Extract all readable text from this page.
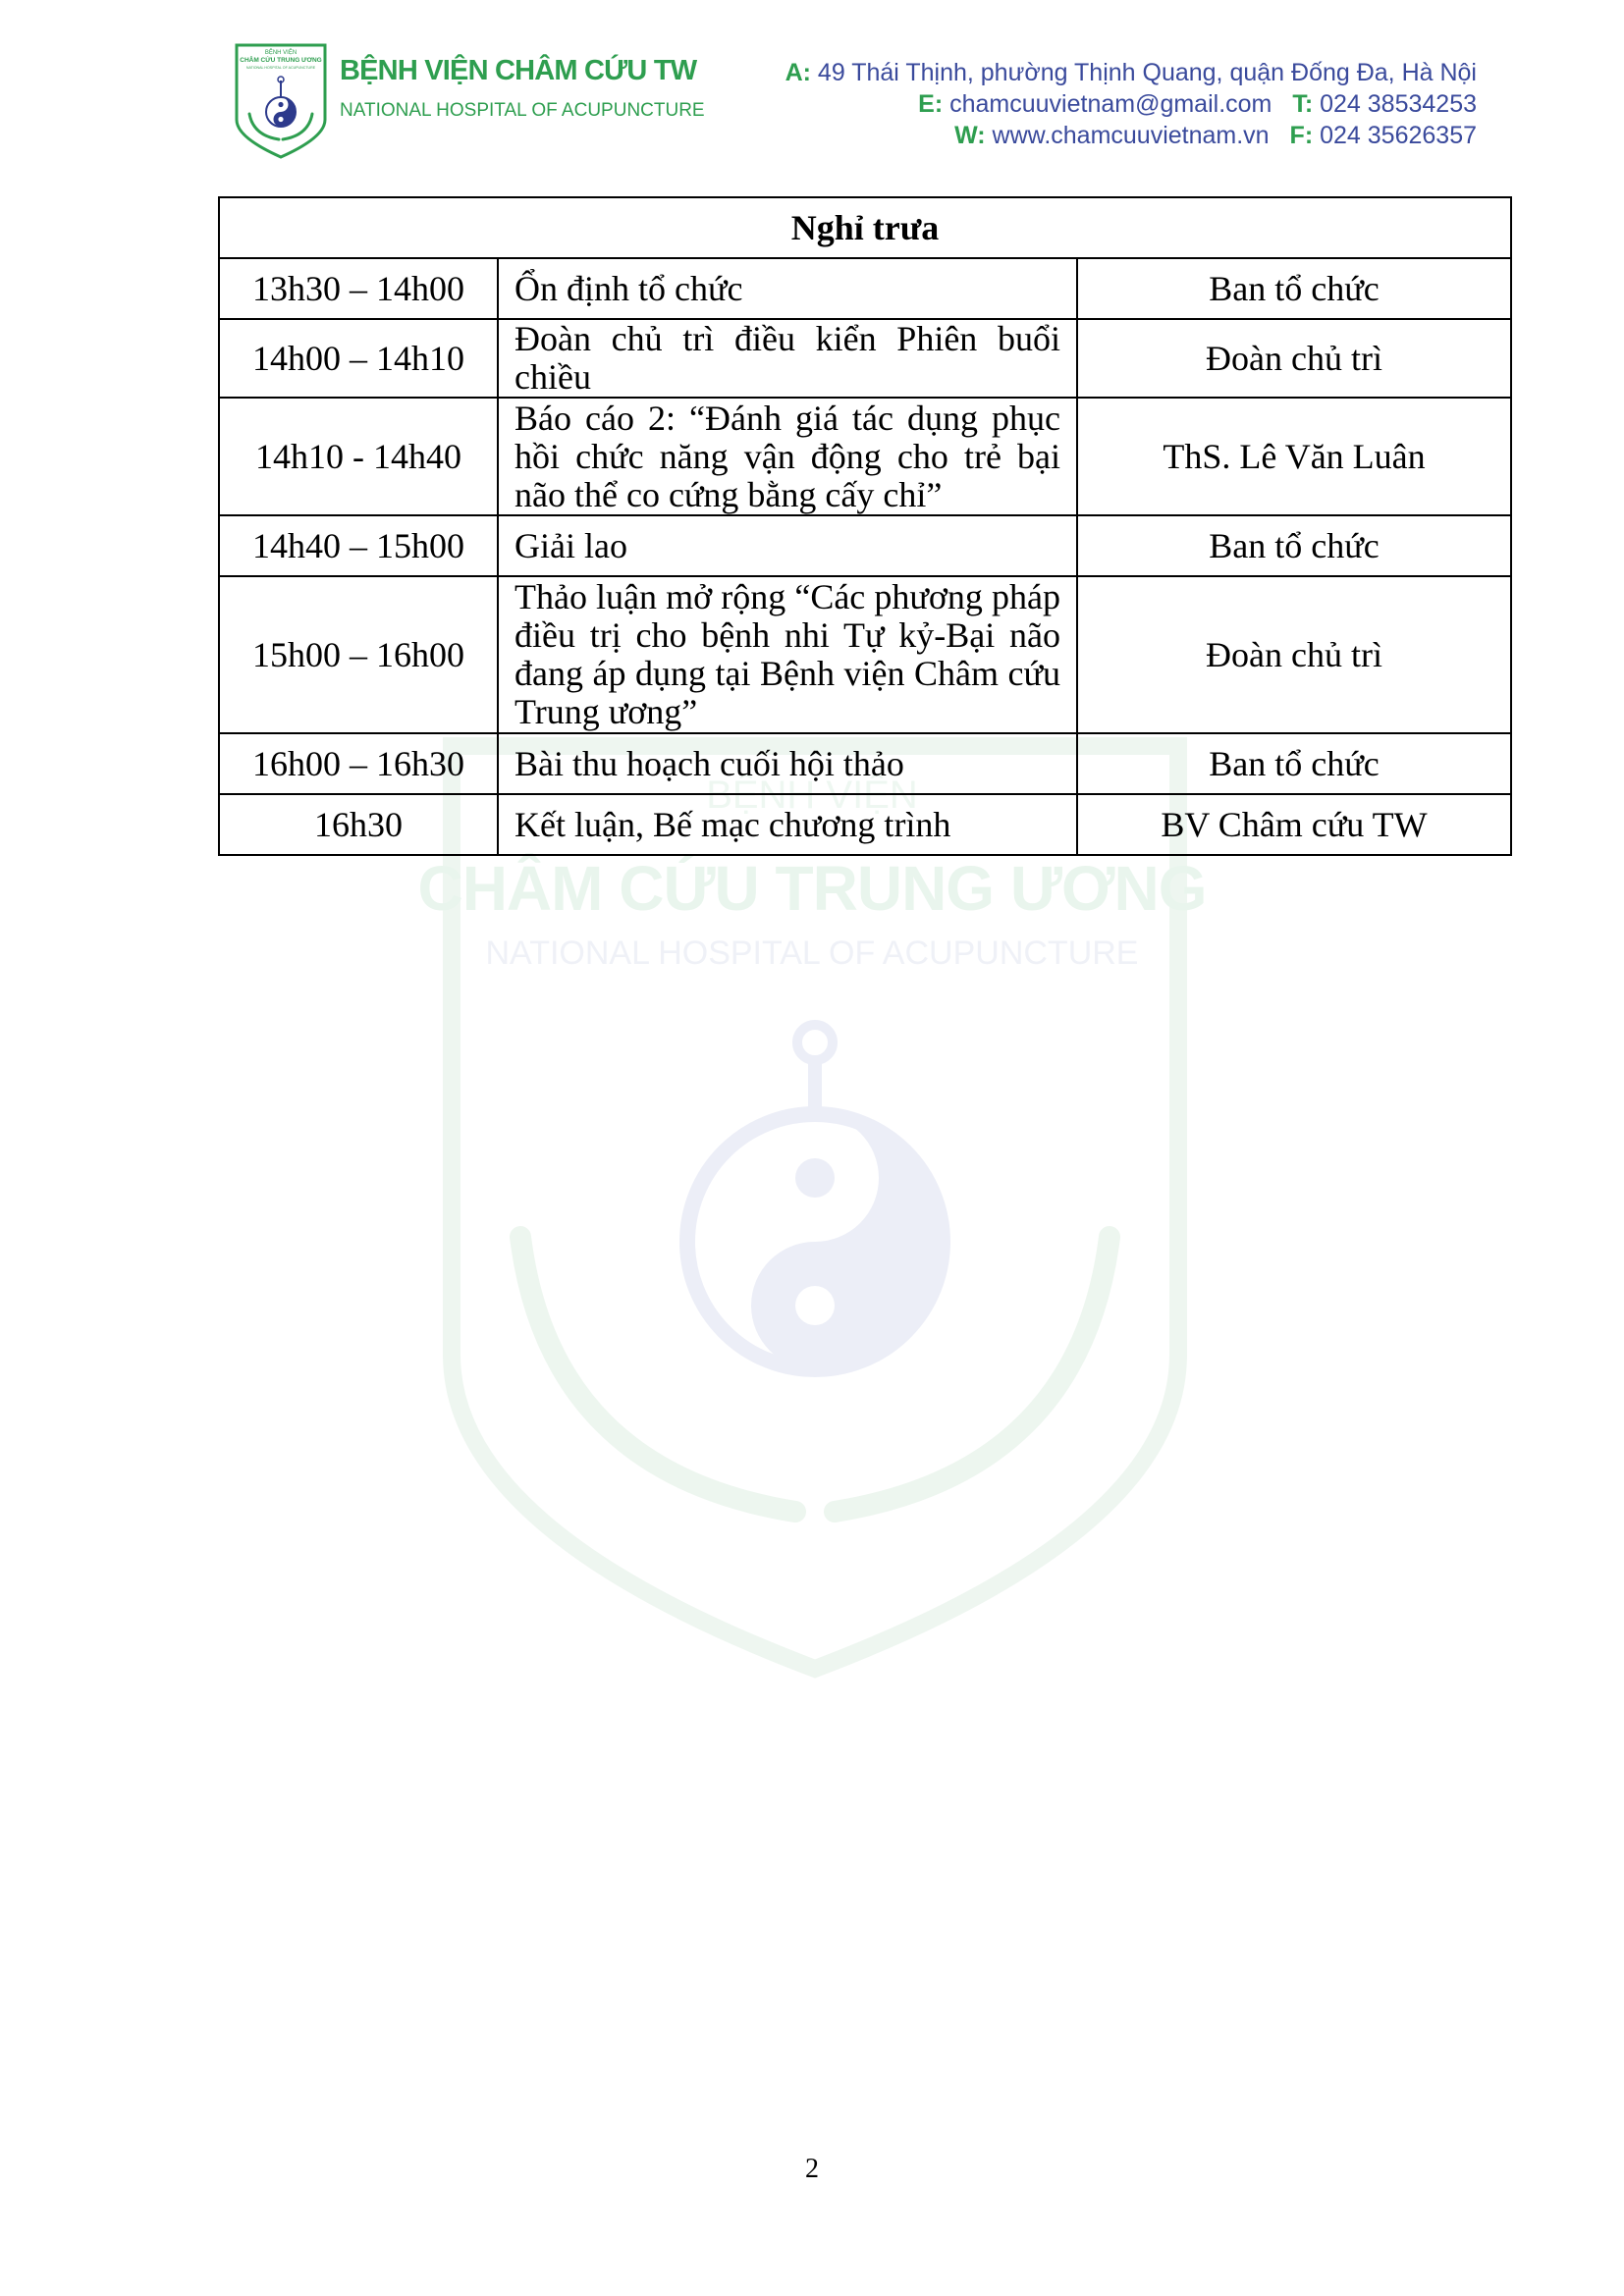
BỆNH VIỆN
CHÂM CỨU TRUNG ƯƠNG
NATIONAL HOSPITAL OF ACUPUNCTURE BỆNH VIỆN CHÂM CỨU TW
NATIONAL HOSPITAL OF ACUPUNCTURE
A: 49 Thái Thịnh, phường Thịnh Quang, quận Đống Đa, Hà Nội
E: chamcuuvietnam@gmail.com T: 024 38534253
W: www.chamcuuvietnam.vn F: 024 35626357
BỆNH VIỆN
CHÂM CỨU TRUNG ƯƠNG
NATIONAL HOSPITAL OF ACUPUNCTURE
Nghỉ trưa		
13h30 – 14h00	Ổn định tổ chức	Ban tổ chức
14h00 – 14h10	Đoàn chủ trì điều kiển Phiên buổi chiều	Đoàn chủ trì
14h10 - 14h40	Báo cáo 2: “Đánh giá tác dụng phục hồi chức năng vận động cho trẻ bại não thể co cứng bằng cấy chỉ”	ThS. Lê Văn Luân
14h40 – 15h00	Giải lao	Ban tổ chức
15h00 – 16h00	Thảo luận mở rộng “Các phương pháp điều trị cho bệnh nhi Tự kỷ-Bại não đang áp dụng tại Bệnh viện Châm cứu Trung ương”	Đoàn chủ trì
16h00 – 16h30	Bài thu hoạch cuối hội thảo	Ban tổ chức
16h30	Kết luận, Bế mạc chương trình	BV Châm cứu TW
2
